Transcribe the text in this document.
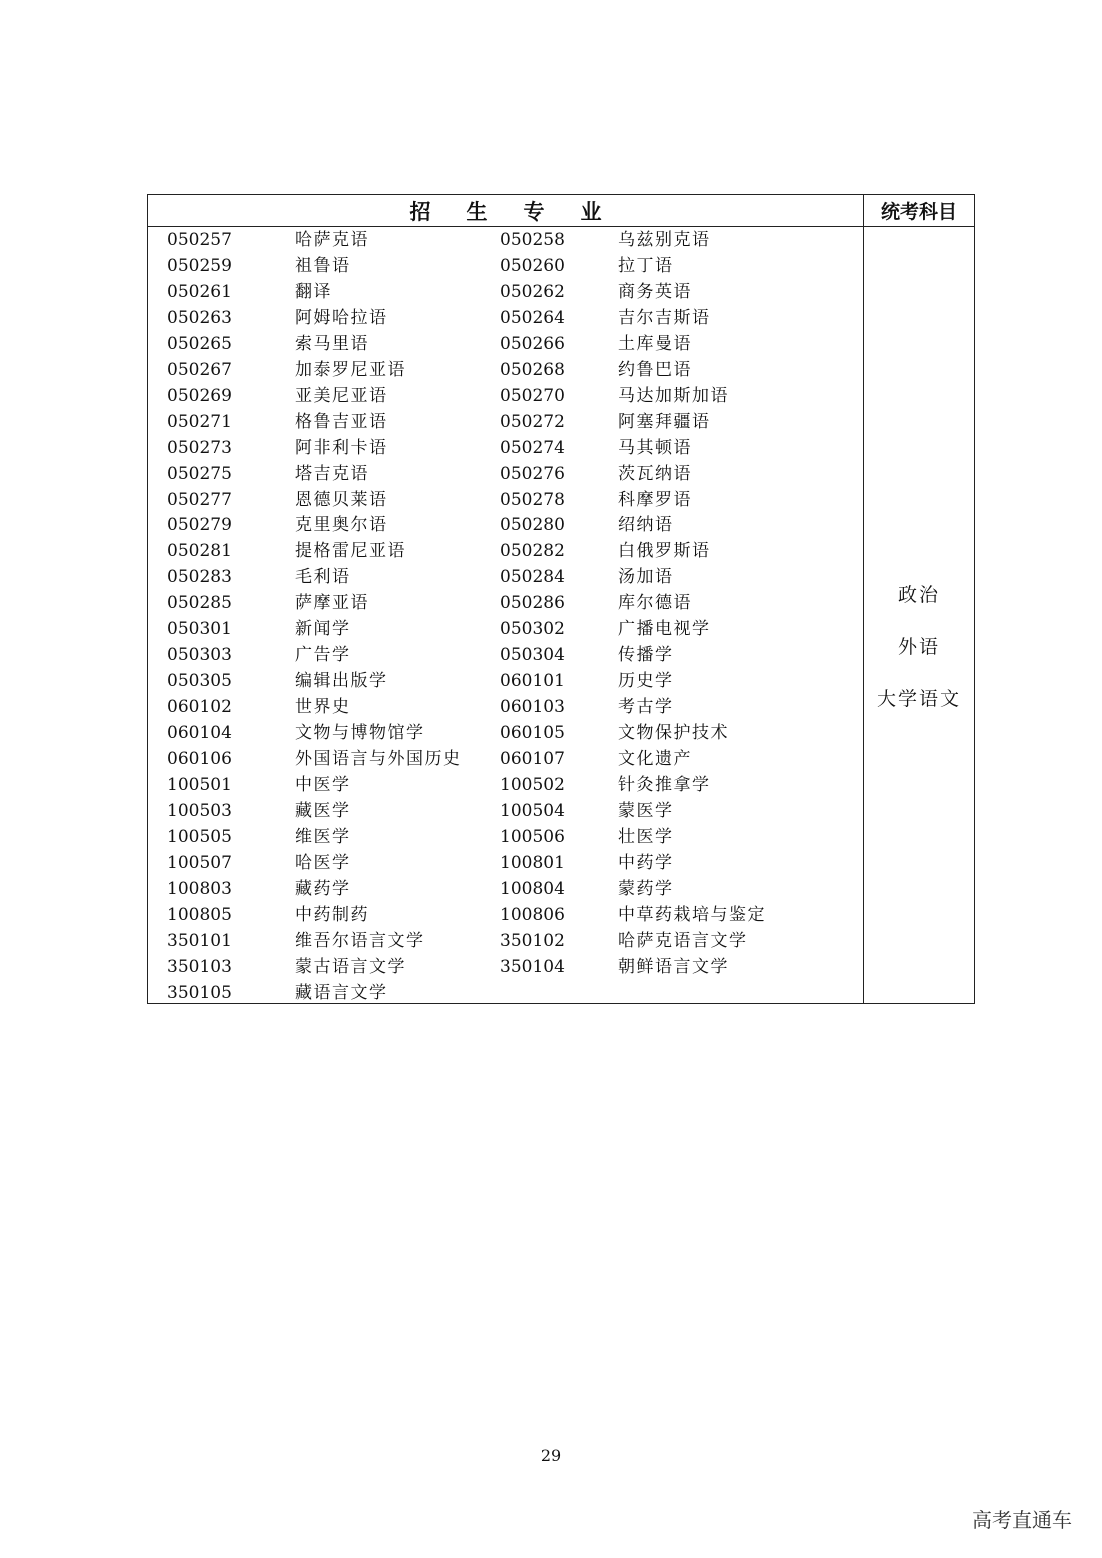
招生专业	统考科目
050257	哈萨克语	050258	乌兹别克语
050259	祖鲁语	050260	拉丁语
050261	翻译	050262	商务英语
050263	阿姆哈拉语	050264	吉尔吉斯语
050265	索马里语	050266	土库曼语
050267	加泰罗尼亚语	050268	约鲁巴语
050269	亚美尼亚语	050270	马达加斯加语
050271	格鲁吉亚语	050272	阿塞拜疆语
050273	阿非利卡语	050274	马其顿语
050275	塔吉克语	050276	茨瓦纳语
050277	恩德贝莱语	050278	科摩罗语
050279	克里奥尔语	050280	绍纳语
050281	提格雷尼亚语	050282	白俄罗斯语
050283	毛利语	050284	汤加语
050285	萨摩亚语	050286	库尔德语
050301	新闻学	050302	广播电视学
050303	广告学	050304	传播学
050305	编辑出版学	060101	历史学
060102	世界史	060103	考古学
060104	文物与博物馆学	060105	文物保护技术
060106	外国语言与外国历史 060107	文化遗产
100501	中医学	100502	针灸推拿学
100503	藏医学	100504	蒙医学
100505	维医学	100506	壮医学
100507	哈医学	100801	中药学
100803	藏药学	100804	蒙药学
100805	中药制药	100806	中草药栽培与鉴定
350101	维吾尔语言文学	350102	哈萨克语言文学
350103	蒙古语言文学	350104	朝鲜语言文学
350105	藏语言文学
政治
外语
大学语文
29
高考直通车
